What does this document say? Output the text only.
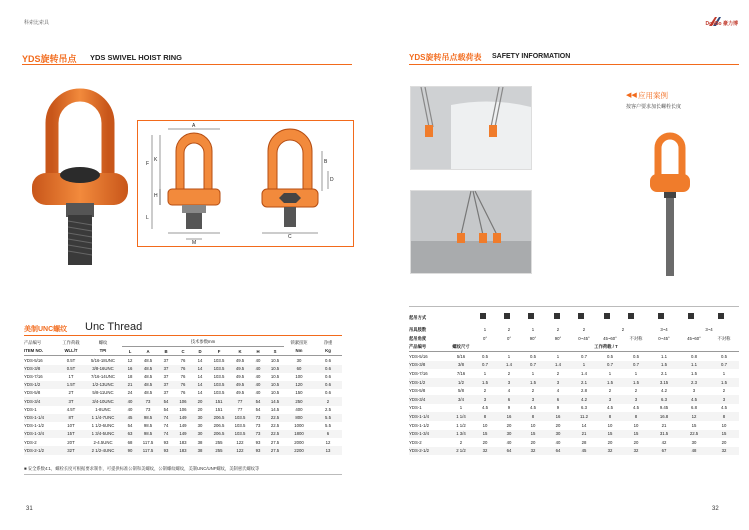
科索比索具	DoliBo 豪力博
YDS旋转吊点 YDS SWIVEL HOIST RING	YDS旋转吊点载荷表 SAFETY INFORMATION
F
K
H
L
M
A
B
D
C
美制UNC螺纹 Unc Thread
产品编号	工作荷载	螺纹	技术参数mm									锁紧扭矩	净重
ITEM NO.	WLL/T	TPI	L	A	B	C	D	F	K	H	S	Nm	Kg
YDS-5/16	0.5T	5/16-18UNC	12	48.5	37	76	14	103.5	49.5	40	10.5	30	0.6
YDS-3/8	0.5T	3/8-16UNC	16	48.5	37	76	14	103.5	49.5	40	10.5	60	0.6
YDS-7/16	1T	7/16-14UNC	18	48.5	37	76	14	103.5	49.5	40	10.5	100	0.6
YDS-1/2	1.5T	1/2-13UNC	21	48.5	37	76	14	103.5	49.5	40	10.5	120	0.6
YDS-5/8	2T	5/8-11UNC	24	48.5	37	76	14	103.5	49.5	40	10.5	150	0.6
YDS-3/4	3T	3/4-10UNC	40	73	54	106	20	151	77	54	14.5	250	2
YDS-1	4.5T	1-8UNC	40	73	54	106	20	151	77	54	14.5	400	2.5
YDS-1-1/4	8T	1 1/4-7UNC	45	98.5	74	149	30	206.5	103.5	73	22.5	800	5.5
YDS-1-1/2	10T	1 1/2-6UNC	54	98.5	74	149	30	206.5	103.5	73	22.5	1000	5.5
YDS-1-3/4	15T	1 3/4-5UNC	63	98.5	74	149	30	206.5	103.5	73	22.5	1800	6
YDS-2	20T	2-4.5UNC	68	117.5	93	183	38	255	122	93	27.5	2000	12
YDS-2-1/2	32T	2 1/2-4UNC	90	117.5	93	183	38	255	122	93	27.5	2200	13
■ 安全系数4:1，螺栓长度可根据要求制作，可提供标准公制和美螺纹，公制螺纹螺纹，美制UNC/UNF螺纹，美制惠氏螺纹等
31	32
◀◀ 应用案例
按客户要求加长螺栓长度
起吊方式	
吊具肢数		1	2	1	2	2	2		3~4	3~4	
起吊角度		0°	0°	90°	90°	0~45°	45~60°	不对称	0~45°	45~60°	不对称
产品编号	螺纹尺寸	工作荷载 / T									
YDS-5/16	5/16	0.5	1	0.5	1	0.7	0.5	0.5	1.1	0.8	0.5
YDS-3/8	3/8	0.7	1.4	0.7	1.4	1	0.7	0.7	1.5	1.1	0.7
YDS-7/16	7/16	1	2	1	2	1.4	1	1	2.1	1.5	1
YDS-1/2	1/2	1.5	3	1.5	3	2.1	1.5	1.5	3.15	2.3	1.5
YDS-5/8	5/8	2	4	2	4	2.8	2	2	4.2	3	2
YDS-3/4	3/4	3	6	3	6	4.2	3	3	6.3	4.5	3
YDS-1	1	4.5	9	4.5	9	6.3	4.5	4.5	9.45	6.8	4.5
YDS-1-1/4	1 1/4	8	16	8	16	11.2	8	8	16.8	12	8
YDS-1-1/2	1 1/2	10	20	10	20	14	10	10	21	15	10
YDS-1-3/4	1 3/4	15	30	15	30	21	15	15	31.5	22.5	15
YDS-2	2	20	40	20	40	28	20	20	42	30	20
YDS-2-1/2	2 1/2	32	64	32	64	45	32	32	67	48	32
